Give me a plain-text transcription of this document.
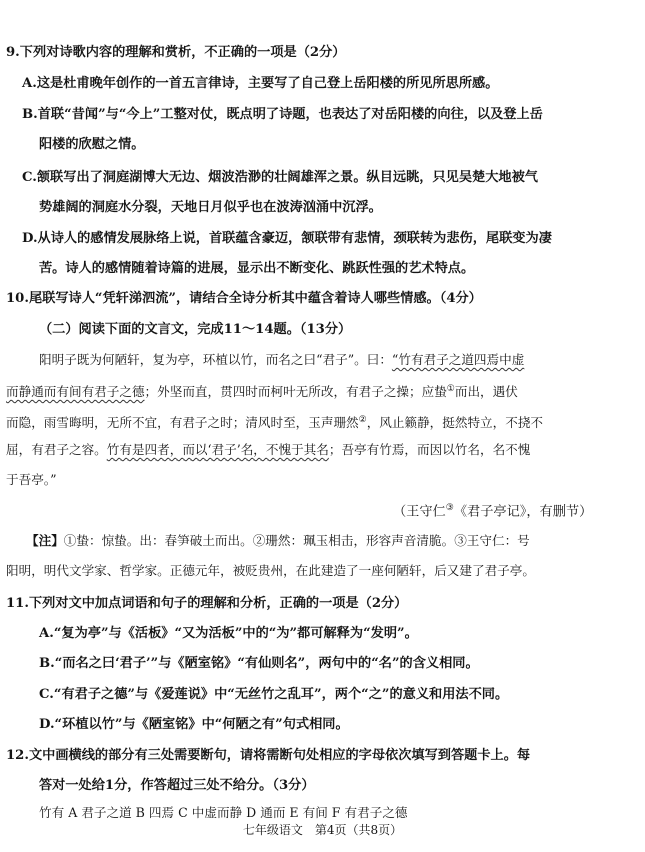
9.下列对诗歌内容的理解和赏析，不正确的一项是（2分）
A.这是杜甫晚年创作的一首五言律诗，主要写了自己登上岳阳楼的所见所思所感。
B.首联“昔闻”与“今上”工整对仗，既点明了诗题，也表达了对岳阳楼的向往，以及登上岳
阳楼的欣慰之情。
C.颔联写出了洞庭湖博大无边、烟波浩渺的壮阔雄浑之景。纵目远眺，只见吴楚大地被气
势雄阔的洞庭水分裂，天地日月似乎也在波涛汹涌中沉浮。
D.从诗人的感情发展脉络上说，首联蕴含豪迈，颔联带有悲情，颈联转为悲伤，尾联变为凄
苦。诗人的感情随着诗篇的进展，显示出不断变化、跳跃性强的艺术特点。
10.尾联写诗人“凭轩涕泗流”，请结合全诗分析其中蕴含着诗人哪些情感。（4分）
（二）阅读下面的文言文，完成11～14题。（13分）
阳明子既为何陋轩，复为亭，环植以竹，而名之曰“君子”。曰：“竹有君子之道四焉中虚
而静通而有间有君子之德；外坚而直，贯四时而柯叶无所改，有君子之操；应蛰①而出，遇伏
而隐，雨雪晦明，无所不宜，有君子之时；清风时至，玉声珊然②，风止籁静，挺然特立，不挠不
屈，有君子之容。竹有是四者，而以‘君子’名，不愧于其名；吾亭有竹焉，而因以竹名，名不愧
于吾亭。”
（王守仁③《君子亭记》，有删节）
【注】①蛰：惊蛰。出：春笋破土而出。②珊然：珮玉相击，形容声音清脆。③王守仁：号
阳明，明代文学家、哲学家。正德元年，被贬贵州，在此建造了一座何陋轩，后又建了君子亭。
11.下列对文中加点词语和句子的理解和分析，正确的一项是（2分）
A.“复为亭”与《活板》“又为活板”中的“为”都可解释为“发明”。
B.“而名之曰‘君子’”与《陋室铭》“有仙则名”，两句中的“名”的含义相同。
C.“有君子之德”与《爱莲说》中“无丝竹之乱耳”，两个“之”的意义和用法不同。
D.“环植以竹”与《陋室铭》中“何陋之有”句式相同。
12.文中画横线的部分有三处需要断句，请将需断句处相应的字母依次填写到答题卡上。每
答对一处给1分，作答超过三处不给分。（3分）
竹有 A 君子之道 B 四焉 C 中虚而静 D 通而 E 有间 F 有君子之德
七年级语文　第4页（共8页）
